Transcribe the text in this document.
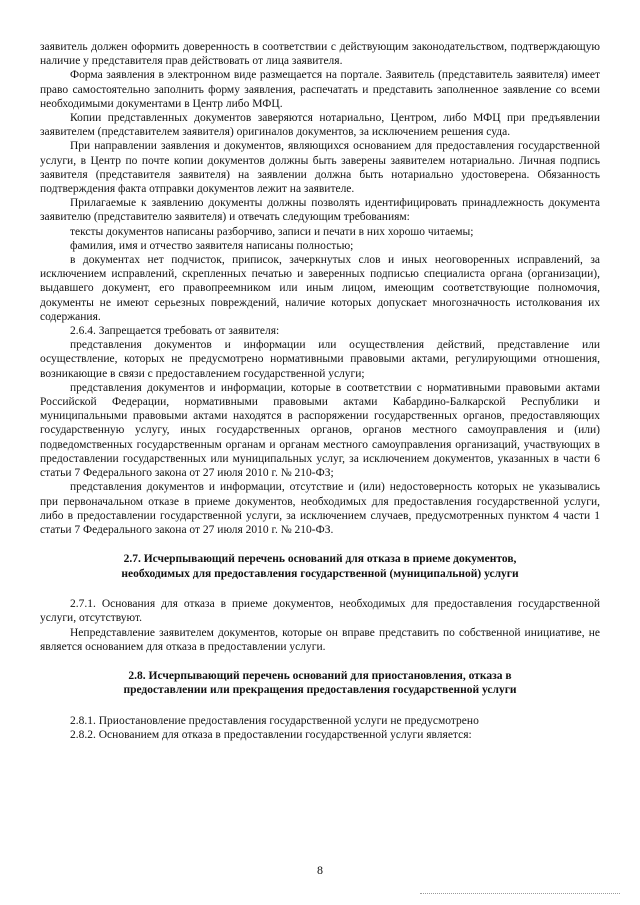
заявитель должен оформить доверенность в соответствии с действующим законодательством, подтверждающую наличие у представителя прав действовать от лица заявителя.

Форма заявления в электронном виде размещается на портале. Заявитель (представитель заявителя) имеет право самостоятельно заполнить форму заявления, распечатать и представить заполненное заявление со всеми необходимыми документами в Центр либо МФЦ.

Копии представленных документов заверяются нотариально, Центром, либо МФЦ при предъявлении заявителем (представителем заявителя) оригиналов документов, за исключением решения суда.

При направлении заявления и документов, являющихся основанием для предоставления государственной услуги, в Центр по почте копии документов должны быть заверены заявителем нотариально. Личная подпись заявителя (представителя заявителя) на заявлении должна быть нотариально удостоверена. Обязанность подтверждения факта отправки документов лежит на заявителе.

Прилагаемые к заявлению документы должны позволять идентифицировать принадлежность документа заявителю (представителю заявителя) и отвечать следующим требованиям:

тексты документов написаны разборчиво, записи и печати в них хорошо читаемы;

фамилия, имя и отчество заявителя написаны полностью;

в документах нет подчисток, приписок, зачеркнутых слов и иных неоговоренных исправлений, за исключением исправлений, скрепленных печатью и заверенных подписью специалиста органа (организации), выдавшего документ, его правопреемником или иным лицом, имеющим соответствующие полномочия, документы не имеют серьезных повреждений, наличие которых допускает многозначность истолкования их содержания.

2.6.4. Запрещается требовать от заявителя:

представления документов и информации или осуществления действий, представление или осуществление, которых не предусмотрено нормативными правовыми актами, регулирующими отношения, возникающие в связи с предоставлением государственной услуги;

представления документов и информации, которые в соответствии с нормативными правовыми актами Российской Федерации, нормативными правовыми актами Кабардино-Балкарской Республики и муниципальными правовыми актами находятся в распоряжении государственных органов, предоставляющих государственную услугу, иных государственных органов, органов местного самоуправления и (или) подведомственных государственным органам и органам местного самоуправления организаций, участвующих в предоставлении государственных или муниципальных услуг, за исключением документов, указанных в части 6 статьи 7 Федерального закона от 27 июля 2010 г. № 210-ФЗ;

представления документов и информации, отсутствие и (или) недостоверность которых не указывались при первоначальном отказе в приеме документов, необходимых для предоставления государственной услуги, либо в предоставлении государственной услуги, за исключением случаев, предусмотренных пунктом 4 части 1 статьи 7 Федерального закона от 27 июля 2010 г. № 210-ФЗ.

2.7. Исчерпывающий перечень оснований для отказа в приеме документов,
необходимых для предоставления государственной (муниципальной) услуги

2.7.1. Основания для отказа в приеме документов, необходимых для предоставления государственной услуги, отсутствуют.

Непредставление заявителем документов, которые он вправе представить по собственной инициативе, не является основанием для отказа в предоставлении услуги.

2.8. Исчерпывающий перечень оснований для приостановления, отказа в
предоставлении или прекращения предоставления государственной услуги

2.8.1. Приостановление предоставления государственной услуги не предусмотрено

2.8.2. Основанием для отказа в предоставлении государственной услуги является:

8
